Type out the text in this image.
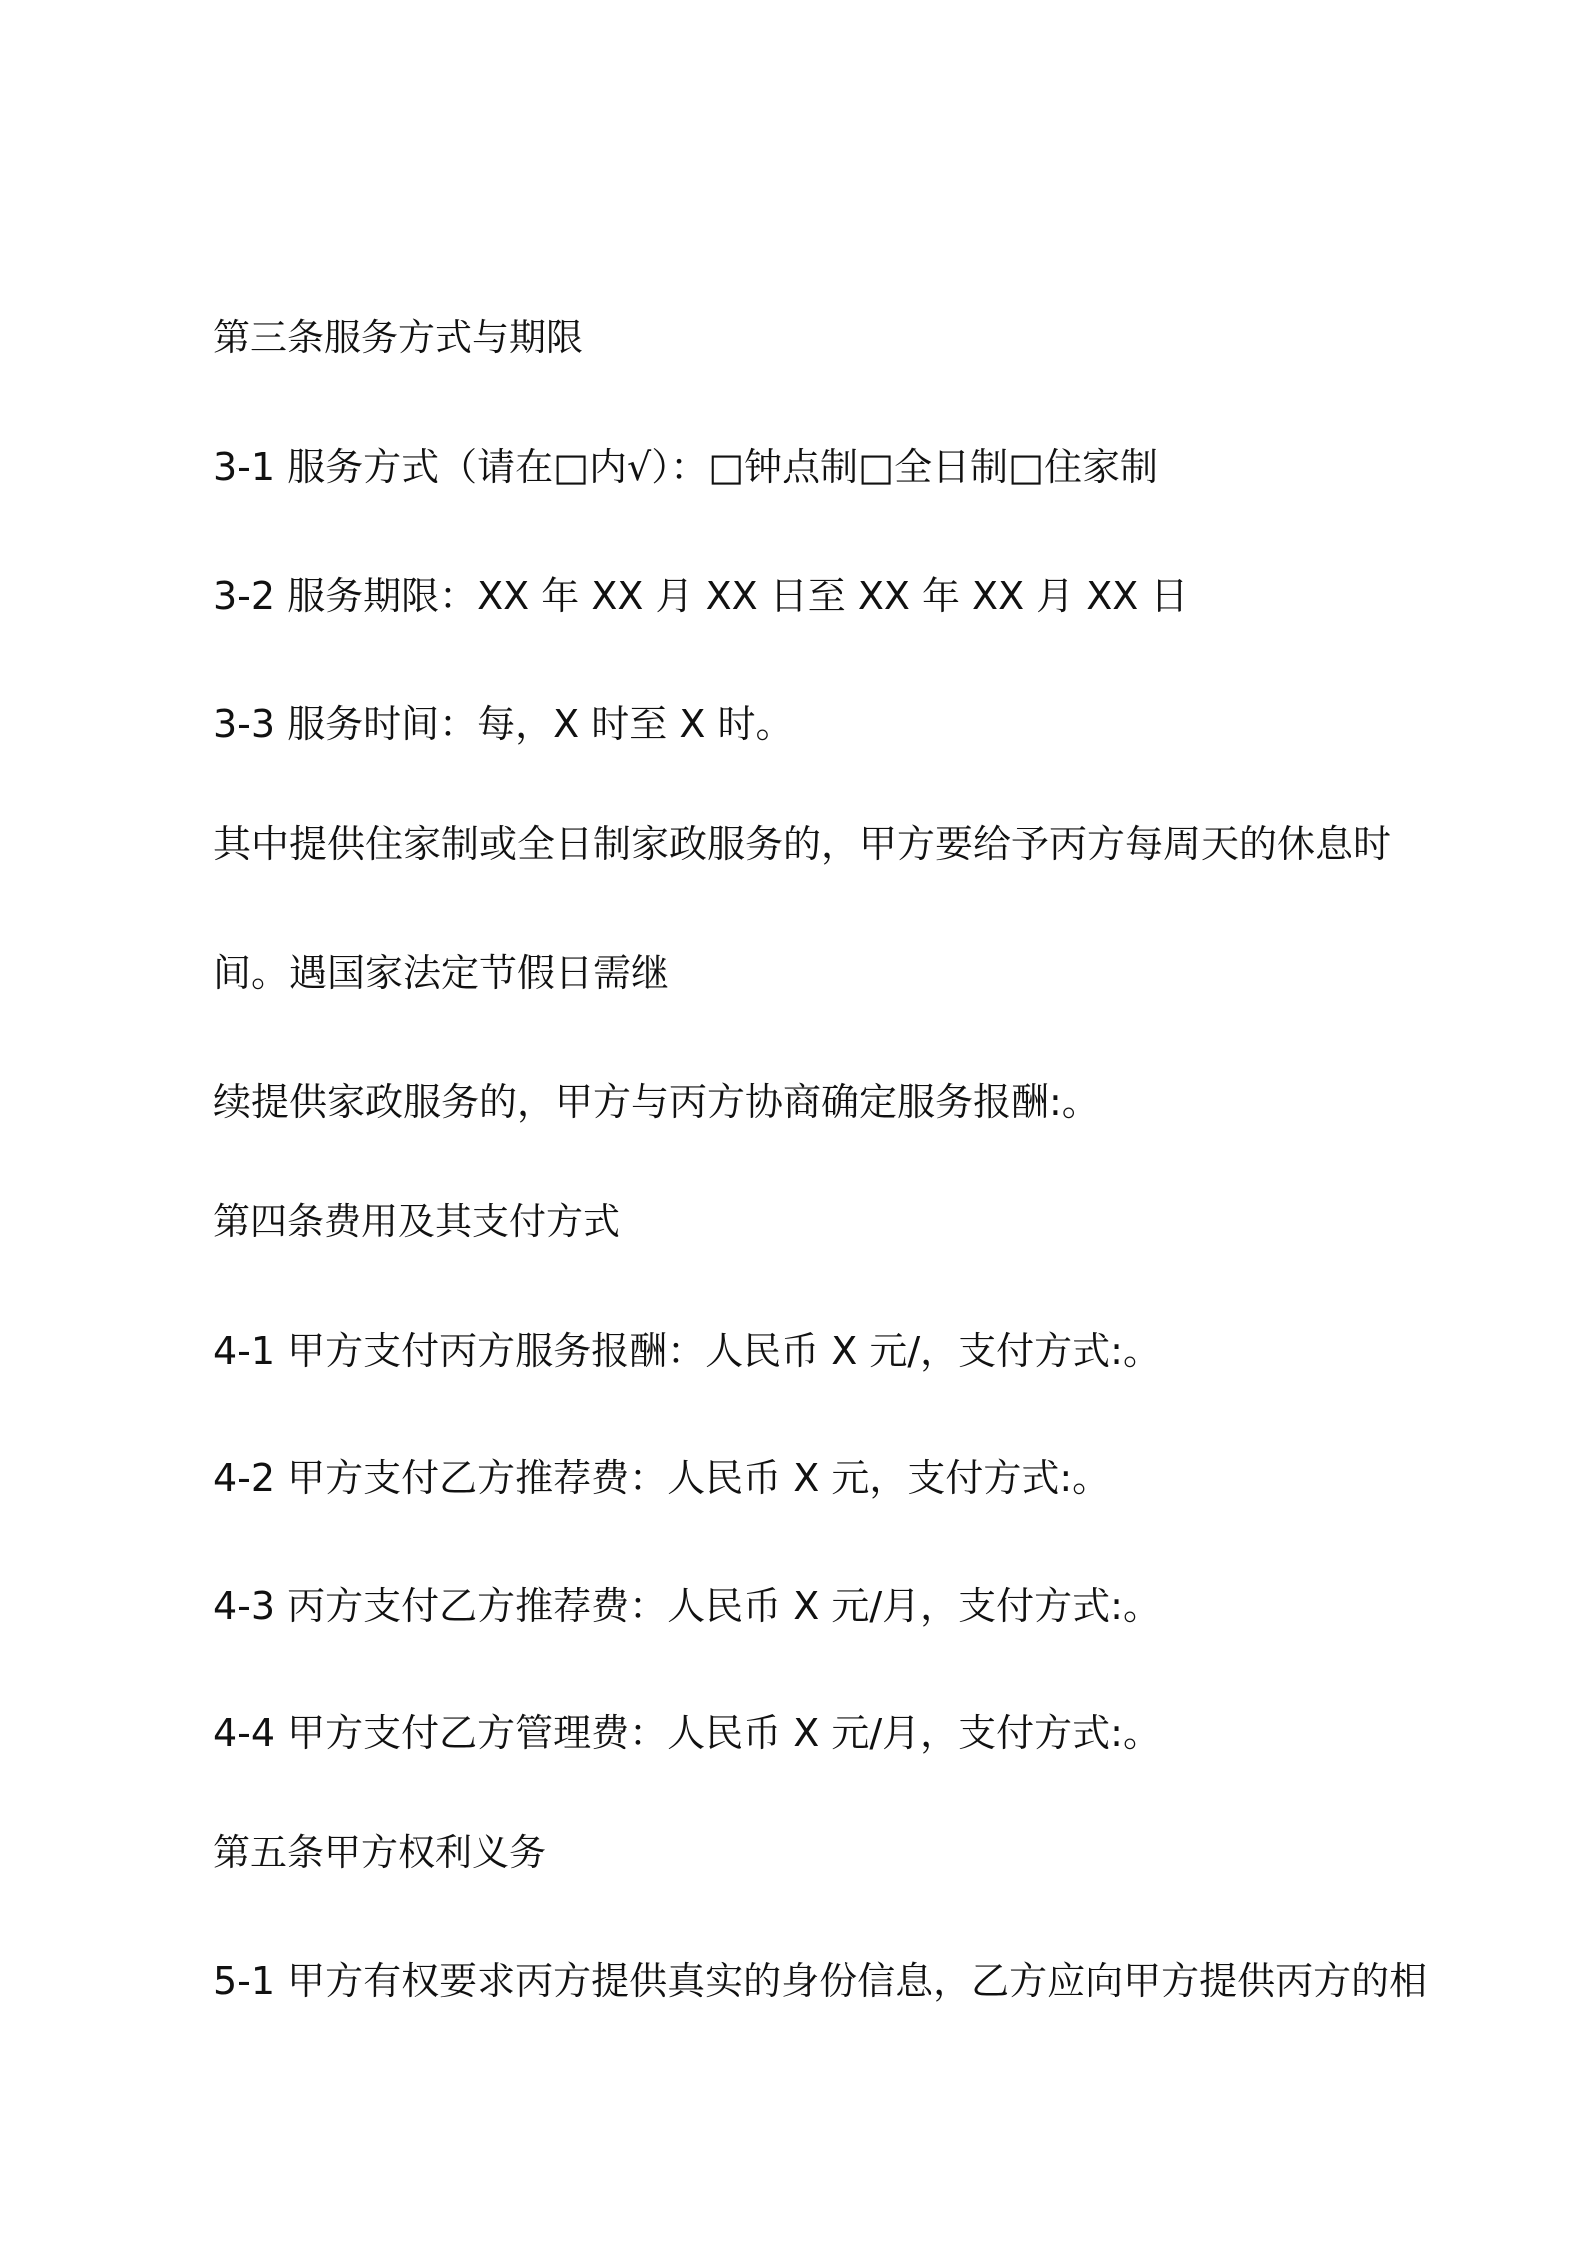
第三条服务方式与期限

3-1 服务方式（请在□内√）：□钟点制□全日制□住家制

3-2 服务期限：XX 年 XX 月 XX 日至 XX 年 XX 月 XX 日

3-3 服务时间：每，X 时至 X 时。

其中提供住家制或全日制家政服务的，甲方要给予丙方每周天的休息时

间。遇国家法定节假日需继

续提供家政服务的，甲方与丙方协商确定服务报酬:。

第四条费用及其支付方式

4-1 甲方支付丙方服务报酬：人民币 X 元/，支付方式:。

4-2 甲方支付乙方推荐费：人民币 X 元，支付方式:。

4-3 丙方支付乙方推荐费：人民币 X 元/月，支付方式:。

4-4 甲方支付乙方管理费：人民币 X 元/月，支付方式:。

第五条甲方权利义务

5-1 甲方有权要求丙方提供真实的身份信息，乙方应向甲方提供丙方的相
